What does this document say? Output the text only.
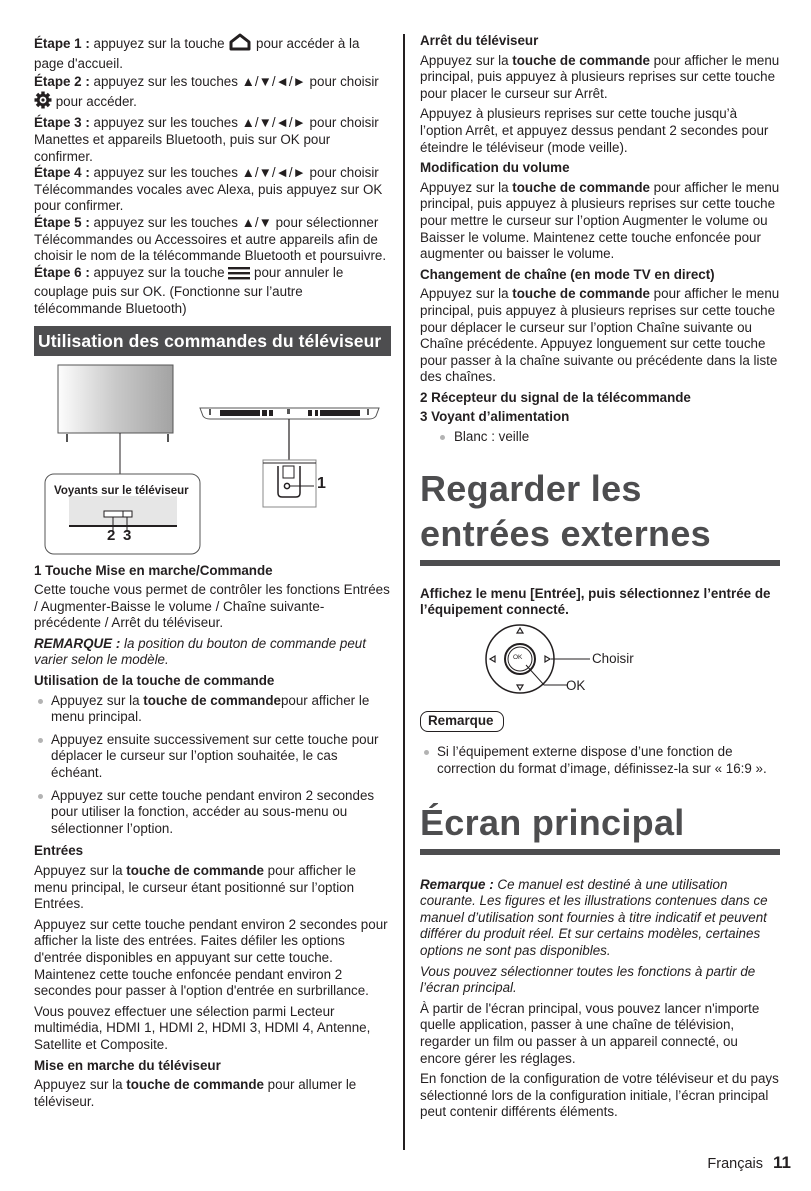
Étape 1 : appuyez sur la touche  pour accéder à la page d'accueil.

Étape 2 : appuyez sur les touches ▲/▼/◄/► pour choisir  pour accéder.

Étape 3 : appuyez sur les touches ▲/▼/◄/► pour choisir Manettes et appareils Bluetooth, puis sur OK pour confirmer.

Étape 4 : appuyez sur les touches ▲/▼/◄/► pour choisir Télécommandes vocales avec Alexa, puis appuyez sur OK pour confirmer.

Étape 5 : appuyez sur les touches ▲/▼ pour sélectionner Télécommandes ou Accessoires et autre appareils afin de choisir le nom de la télécommande Bluetooth et poursuivre.

Étape 6 : appuyez sur la touche  pour annuler le couplage puis sur OK. (Fonctionne sur l’autre télécommande Bluetooth)

Utilisation des commandes du téléviseur
Voyants sur le téléviseur	1
2 3

1 Touche Mise en marche/Commande

Cette touche vous permet de contrôler les fonctions Entrées / Augmenter-Baisse le volume / Chaîne suivante-précédente / Arrêt du téléviseur.

REMARQUE : la position du bouton de commande peut varier selon le modèle.

Utilisation de la touche de commande

Appuyez sur la touche de commandepour afficher le menu principal.
Appuyez ensuite successivement sur cette touche pour déplacer le curseur sur l’option souhaitée, le cas échéant.
Appuyez sur cette touche pendant environ 2 secondes pour utiliser la fonction, accéder au sous-menu ou sélectionner l’option.

Entrées

Appuyez sur la touche de commande pour afficher le menu principal, le curseur étant positionné sur l’option Entrées.

Appuyez sur cette touche pendant environ 2 secondes pour afficher la liste des entrées. Faites défiler les options d'entrée disponibles en appuyant sur cette touche. Maintenez cette touche enfoncée pendant environ 2 secondes pour passer à l'option d'entrée en surbrillance.

Vous pouvez effectuer une sélection parmi Lecteur multimédia, HDMI 1, HDMI 2, HDMI 3, HDMI 4, Antenne, Satellite et Composite.

Mise en marche du téléviseur

Appuyez sur la touche de commande pour allumer le téléviseur.

Arrêt du téléviseur

Appuyez sur la touche de commande pour afficher le menu principal, puis appuyez à plusieurs reprises sur cette touche pour placer le curseur sur Arrêt.

Appuyez à plusieurs reprises sur cette touche jusqu’à l’option Arrêt, et appuyez dessus pendant 2 secondes pour éteindre le téléviseur (mode veille).

Modification du volume

Appuyez sur la touche de commande pour afficher le menu principal, puis appuyez à plusieurs reprises sur cette touche pour mettre le curseur sur l’option Augmenter le volume ou Baisser le volume. Maintenez cette touche enfoncée pour augmenter ou baisser le volume.

Changement de chaîne (en mode TV en direct)

Appuyez sur la touche de commande pour afficher le menu principal, puis appuyez à plusieurs reprises sur cette touche pour déplacer le curseur sur l’option Chaîne suivante ou Chaîne précédente. Appuyez longuement sur cette touche pour passer à la chaîne suivante ou précédente dans la liste des chaînes.

2 Récepteur du signal de la télécommande

3 Voyant d’alimentation

Blanc : veille
Regarder les entrées externes

Affichez le menu [Entrée], puis sélectionnez l’entrée de l’équipement connecté.

OK	Choisir
OK
Remarque
Si l’équipement externe dispose d’une fonction de correction du format d’image, définissez-la sur « 16:9 ».
Écran principal

Remarque : Ce manuel est destiné à une utilisation courante. Les figures et les illustrations contenues dans ce manuel d’utilisation sont fournies à titre indicatif et peuvent différer du produit réel. Et sur certains modèles, certaines options ne sont pas disponibles.

Vous pouvez sélectionner toutes les fonctions à partir de l’écran principal.

À partir de l'écran principal, vous pouvez lancer n'importe quelle application, passer à une chaîne de télévision, regarder un film ou passer à un appareil connecté, ou encore gérer les réglages.

En fonction de la configuration de votre téléviseur et du pays sélectionné lors de la configuration initiale, l’écran principal peut contenir différents éléments.

Français 11
